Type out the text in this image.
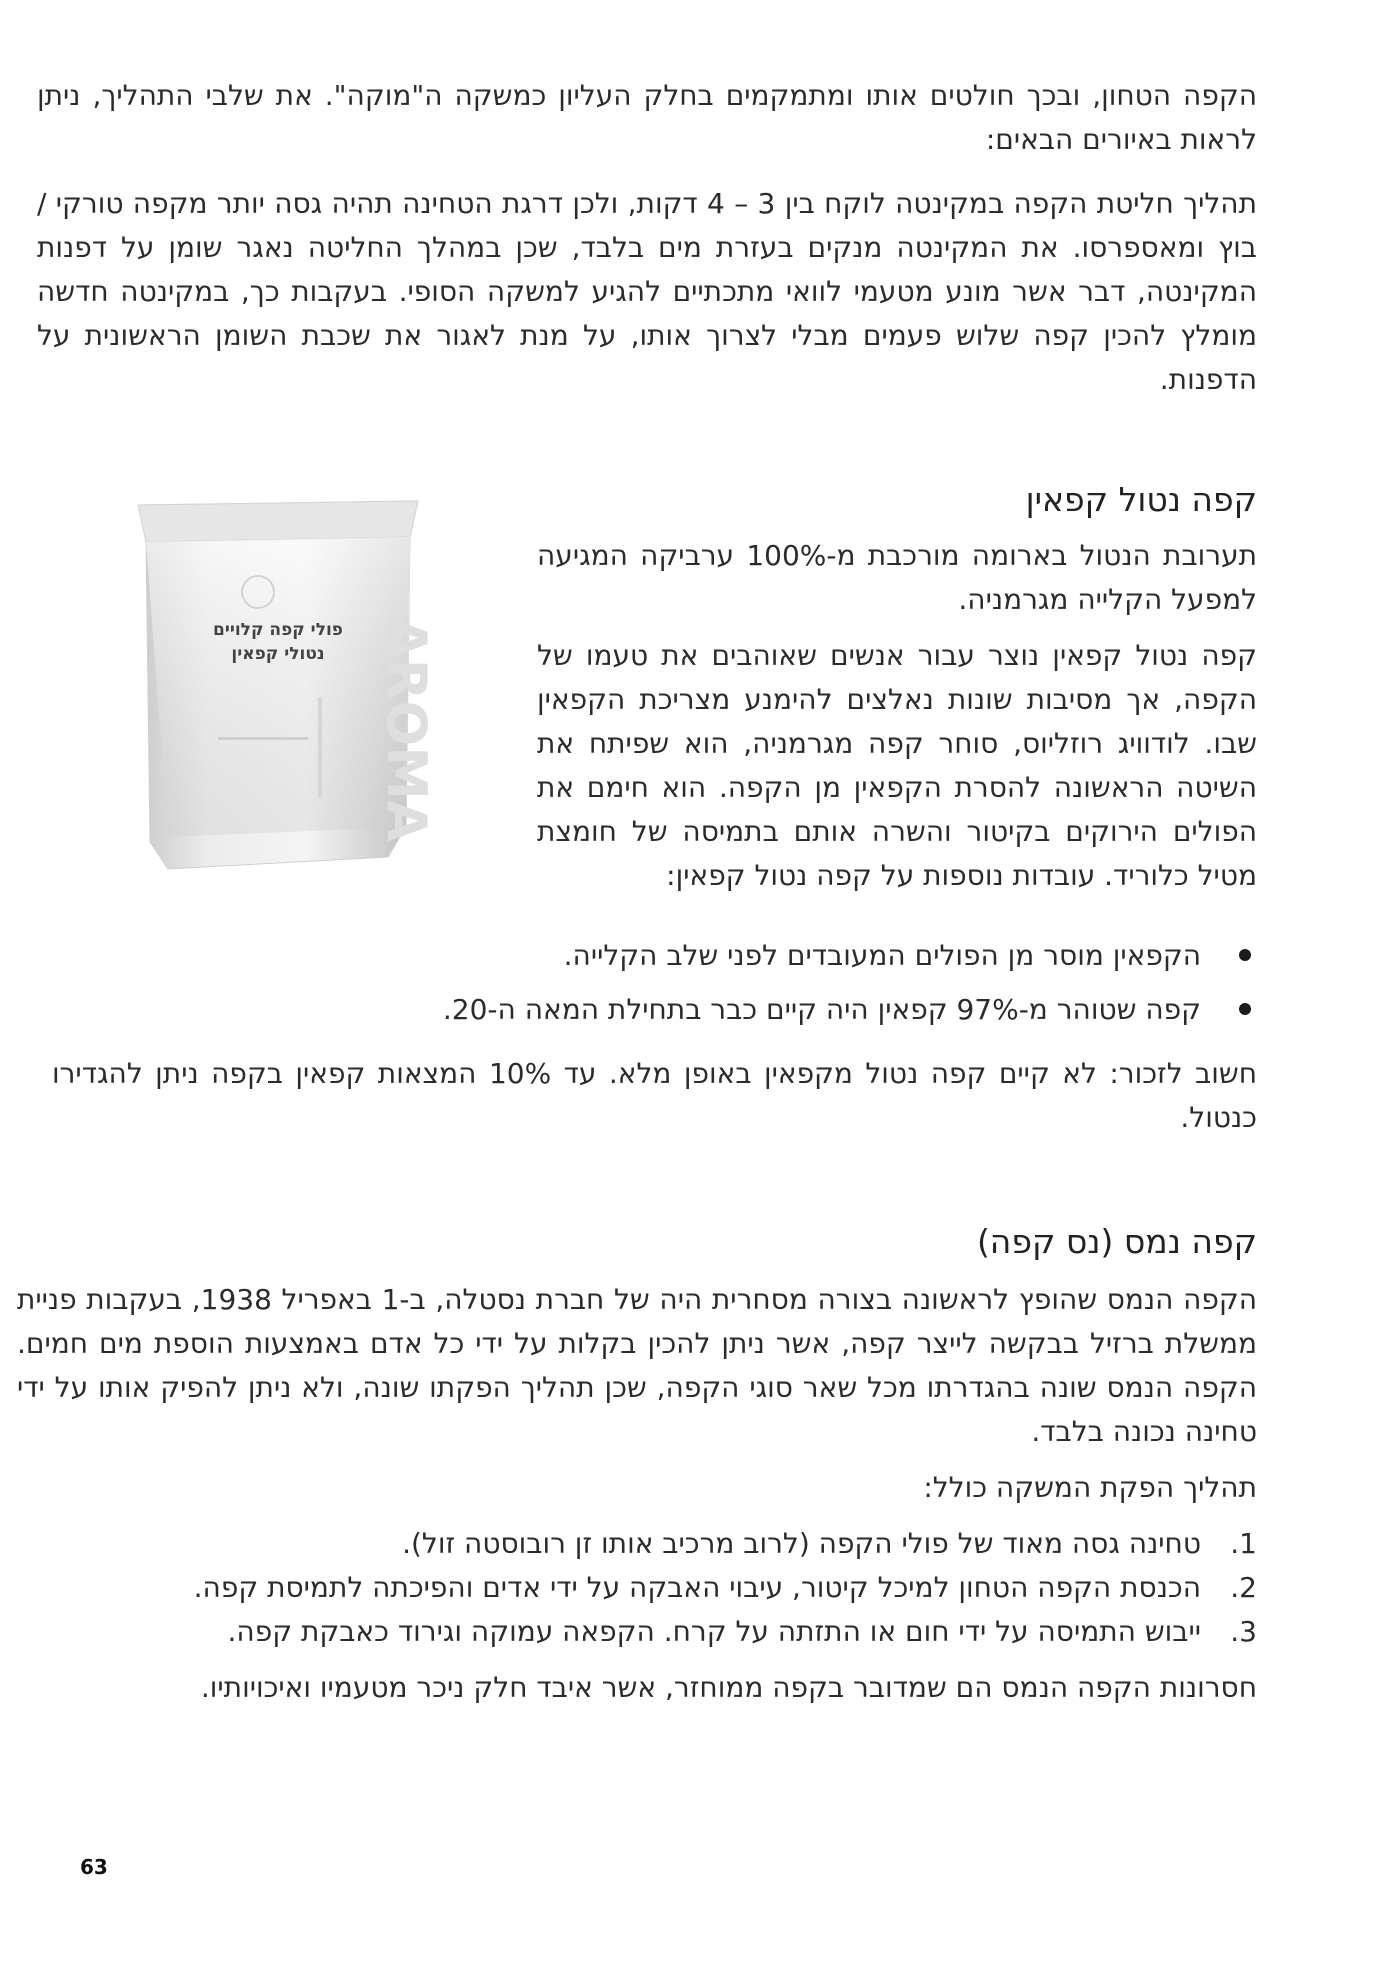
הקפה הטחון, ובכך חולטים אותו ומתמקמים בחלק העליון כמשקה ה"מוקה". את שלבי התהליך, ניתן לראות באיורים הבאים:

תהליך חליטת הקפה במקינטה לוקח בין 3 – 4 דקות, ולכן דרגת הטחינה תהיה גסה יותר מקפה טורקי / בוץ ומאספרסו. את המקינטה מנקים בעזרת מים בלבד, שכן במהלך החליטה נאגר שומן על דפנות המקינטה, דבר אשר מונע מטעמי לוואי מתכתיים להגיע למשקה הסופי. בעקבות כך, במקינטה חדשה מומלץ להכין קפה שלוש פעמים מבלי לצרוך אותו, על מנת לאגור את שכבת השומן הראשונית על הדפנות.

קפה נטול קפאין

תערובת הנטול בארומה מורכבת מ-100% ערביקה המגיעה למפעל הקלייה מגרמניה.

קפה נטול קפאין נוצר עבור אנשים שאוהבים את טעמו של הקפה, אך מסיבות שונות נאלצים להימנע מצריכת הקפאין שבו. לודוויג רוזליוס, סוחר קפה מגרמניה, הוא שפיתח את השיטה הראשונה להסרת הקפאין מן הקפה. הוא חימם את הפולים הירוקים בקיטור והשרה אותם בתמיסה של חומצת מטיל כלוריד. עובדות נוספות על קפה נטול קפאין:

AROMA
פולי קפה קלויים
נטולי קפאין
הקפאין מוסר מן הפולים המעובדים לפני שלב הקלייה.
קפה שטוהר מ-97% קפאין היה קיים כבר בתחילת המאה ה-20.

חשוב לזכור: לא קיים קפה נטול מקפאין באופן מלא. עד 10% המצאות קפאין בקפה ניתן להגדירו כנטול.

קפה נמס (נס קפה)

הקפה הנמס שהופץ לראשונה בצורה מסחרית היה של חברת נסטלה, ב-1 באפריל 1938, בעקבות פניית ממשלת ברזיל בבקשה לייצר קפה, אשר ניתן להכין בקלות על ידי כל אדם באמצעות הוספת מים חמים. הקפה הנמס שונה בהגדרתו מכל שאר סוגי הקפה, שכן תהליך הפקתו שונה, ולא ניתן להפיק אותו על ידי טחינה נכונה בלבד.

תהליך הפקת המשקה כולל:

1.
טחינה גסה מאוד של פולי הקפה (לרוב מרכיב אותו זן רובוסטה זול).
2.
הכנסת הקפה הטחון למיכל קיטור, עיבוי האבקה על ידי אדים והפיכתה לתמיסת קפה.
3.
ייבוש התמיסה על ידי חום או התזתה על קרח. הקפאה עמוקה וגירוד כאבקת קפה.

חסרונות הקפה הנמס הם שמדובר בקפה ממוחזר, אשר איבד חלק ניכר מטעמיו ואיכויותיו.

63
